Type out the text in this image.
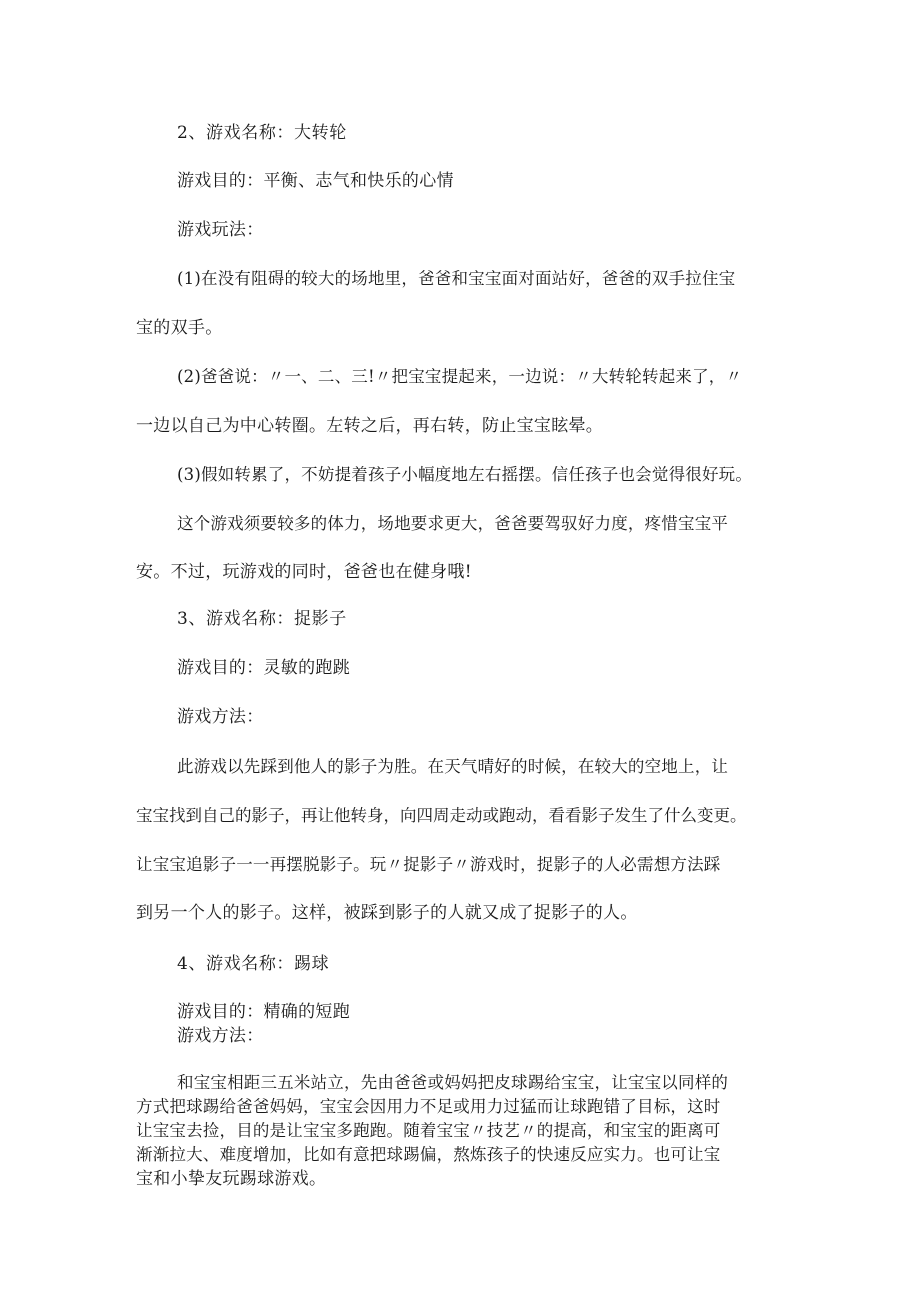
2、游戏名称：大转轮
游戏目的：平衡、志气和快乐的心情
游戏玩法：
(1)在没有阻碍的较大的场地里，爸爸和宝宝面对面站好，爸爸的双手拉住宝
宝的双手。
(2)爸爸说：〃一、二、三!〃把宝宝提起来，一边说：〃大转轮转起来了，〃
一边以自己为中心转圈。左转之后，再右转，防止宝宝眩晕。
(3)假如转累了，不妨提着孩子小幅度地左右摇摆。信任孩子也会觉得很好玩。
这个游戏须要较多的体力，场地要求更大，爸爸要驾驭好力度，疼惜宝宝平
安。不过，玩游戏的同时，爸爸也在健身哦!
3、游戏名称：捉影子
游戏目的：灵敏的跑跳
游戏方法：
此游戏以先踩到他人的影子为胜。在天气晴好的时候，在较大的空地上，让
宝宝找到自己的影子，再让他转身，向四周走动或跑动，看看影子发生了什么变更。
让宝宝追影子一一再摆脱影子。玩〃捉影子〃游戏时，捉影子的人必需想方法踩
到另一个人的影子。这样，被踩到影子的人就又成了捉影子的人。
4、游戏名称：踢球
游戏目的：精确的短跑
游戏方法：
和宝宝相距三五米站立，先由爸爸或妈妈把皮球踢给宝宝，让宝宝以同样的
方式把球踢给爸爸妈妈，宝宝会因用力不足或用力过猛而让球跑错了目标，这时
让宝宝去捡，目的是让宝宝多跑跑。随着宝宝〃技艺〃的提高，和宝宝的距离可
渐渐拉大、难度增加，比如有意把球踢偏，熬炼孩子的快速反应实力。也可让宝
宝和小挚友玩踢球游戏。
